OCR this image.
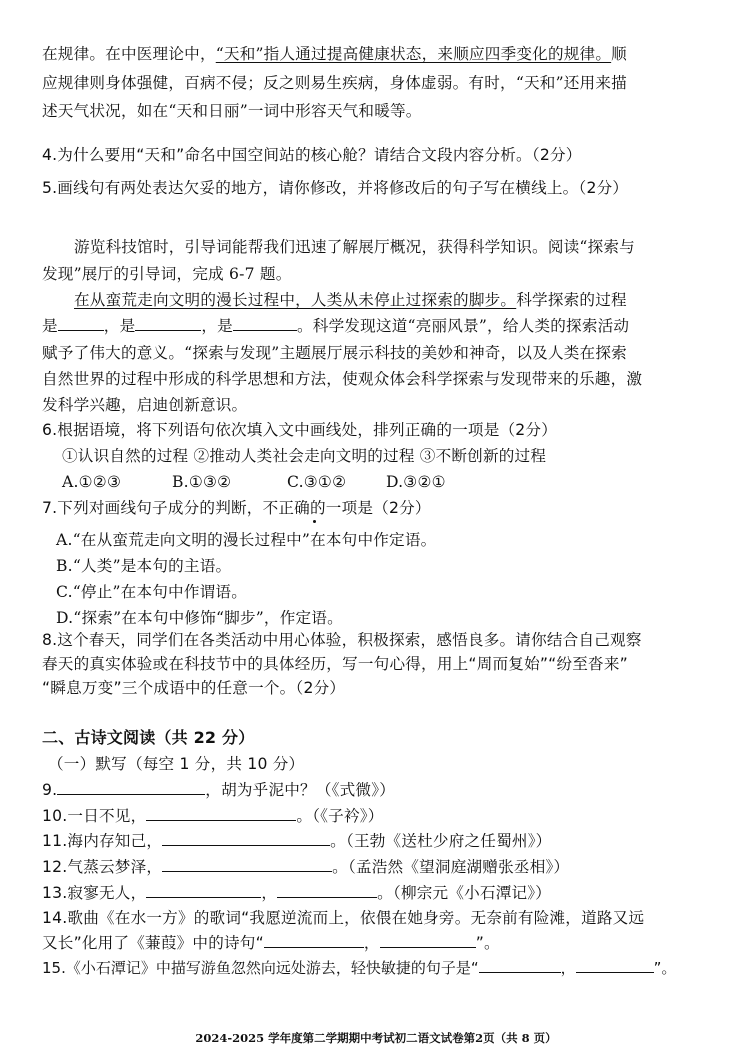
在规律。在中医理论中，“天和”指人通过提高健康状态，来顺应四季变化的规律。顺
应规律则身体强健，百病不侵；反之则易生疾病，身体虚弱。有时，“天和”还用来描
述天气状况，如在“天和日丽”一词中形容天气和暖等。
4.为什么要用“天和”命名中国空间站的核心舱？请结合文段内容分析。（2分）
5.画线句有两处表达欠妥的地方，请你修改，并将修改后的句子写在横线上。（2分）
游览科技馆时，引导词能帮我们迅速了解展厅概况，获得科学知识。阅读“探索与
发现”展厅的引导词，完成 6-7 题。
在从蛮荒走向文明的漫长过程中，人类从未停止过探索的脚步。科学探索的过程
是	，是	，是	。科学发现这道“亮丽风景”，给人类的探索活动
赋予了伟大的意义。“探索与发现”主题展厅展示科技的美妙和神奇，以及人类在探索
自然世界的过程中形成的科学思想和方法，使观众体会科学探索与发现带来的乐趣，激
发科学兴趣，启迪创新意识。
6.根据语境，将下列语句依次填入文中画线处，排列正确的一项是（2分）
①认识自然的过程 ②推动人类社会走向文明的过程 ③不断创新的过程
A.①②③	B.①③②	C.③①②	D.③②①
7.下列对画线句子成分的判断，不正确的一项是（2分）
A.“在从蛮荒走向文明的漫长过程中”在本句中作定语。
B.“人类”是本句的主语。
C.“停止”在本句中作谓语。
D.“探索”在本句中修饰“脚步”，作定语。
8.这个春天，同学们在各类活动中用心体验，积极探索，感悟良多。请你结合自己观察
春天的真实体验或在科技节中的具体经历，写一句心得，用上“周而复始”“纷至沓来”
“瞬息万变”三个成语中的任意一个。（2分）
二、古诗文阅读（共 22 分）
（一）默写（每空 1 分，共 10 分）
9.	，胡为乎泥中？（《式微》）
10.一日不见，	。（《子衿》）
11.海内存知己，	。（王勃《送杜少府之任蜀州》）
12.气蒸云梦泽，	。（孟浩然《望洞庭湖赠张丞相》）
13.寂寥无人，	，	。（柳宗元《小石潭记》）
14.歌曲《在水一方》的歌词“我愿逆流而上，依偎在她身旁。无奈前有险滩，道路又远
又长”化用了《蒹葭》中的诗句“	，	”。
15.《小石潭记》中描写游鱼忽然向远处游去，轻快敏捷的句子是“	，	”。
2024-2025 学年度第二学期期中考试初二语文试卷第2页（共 8 页）
